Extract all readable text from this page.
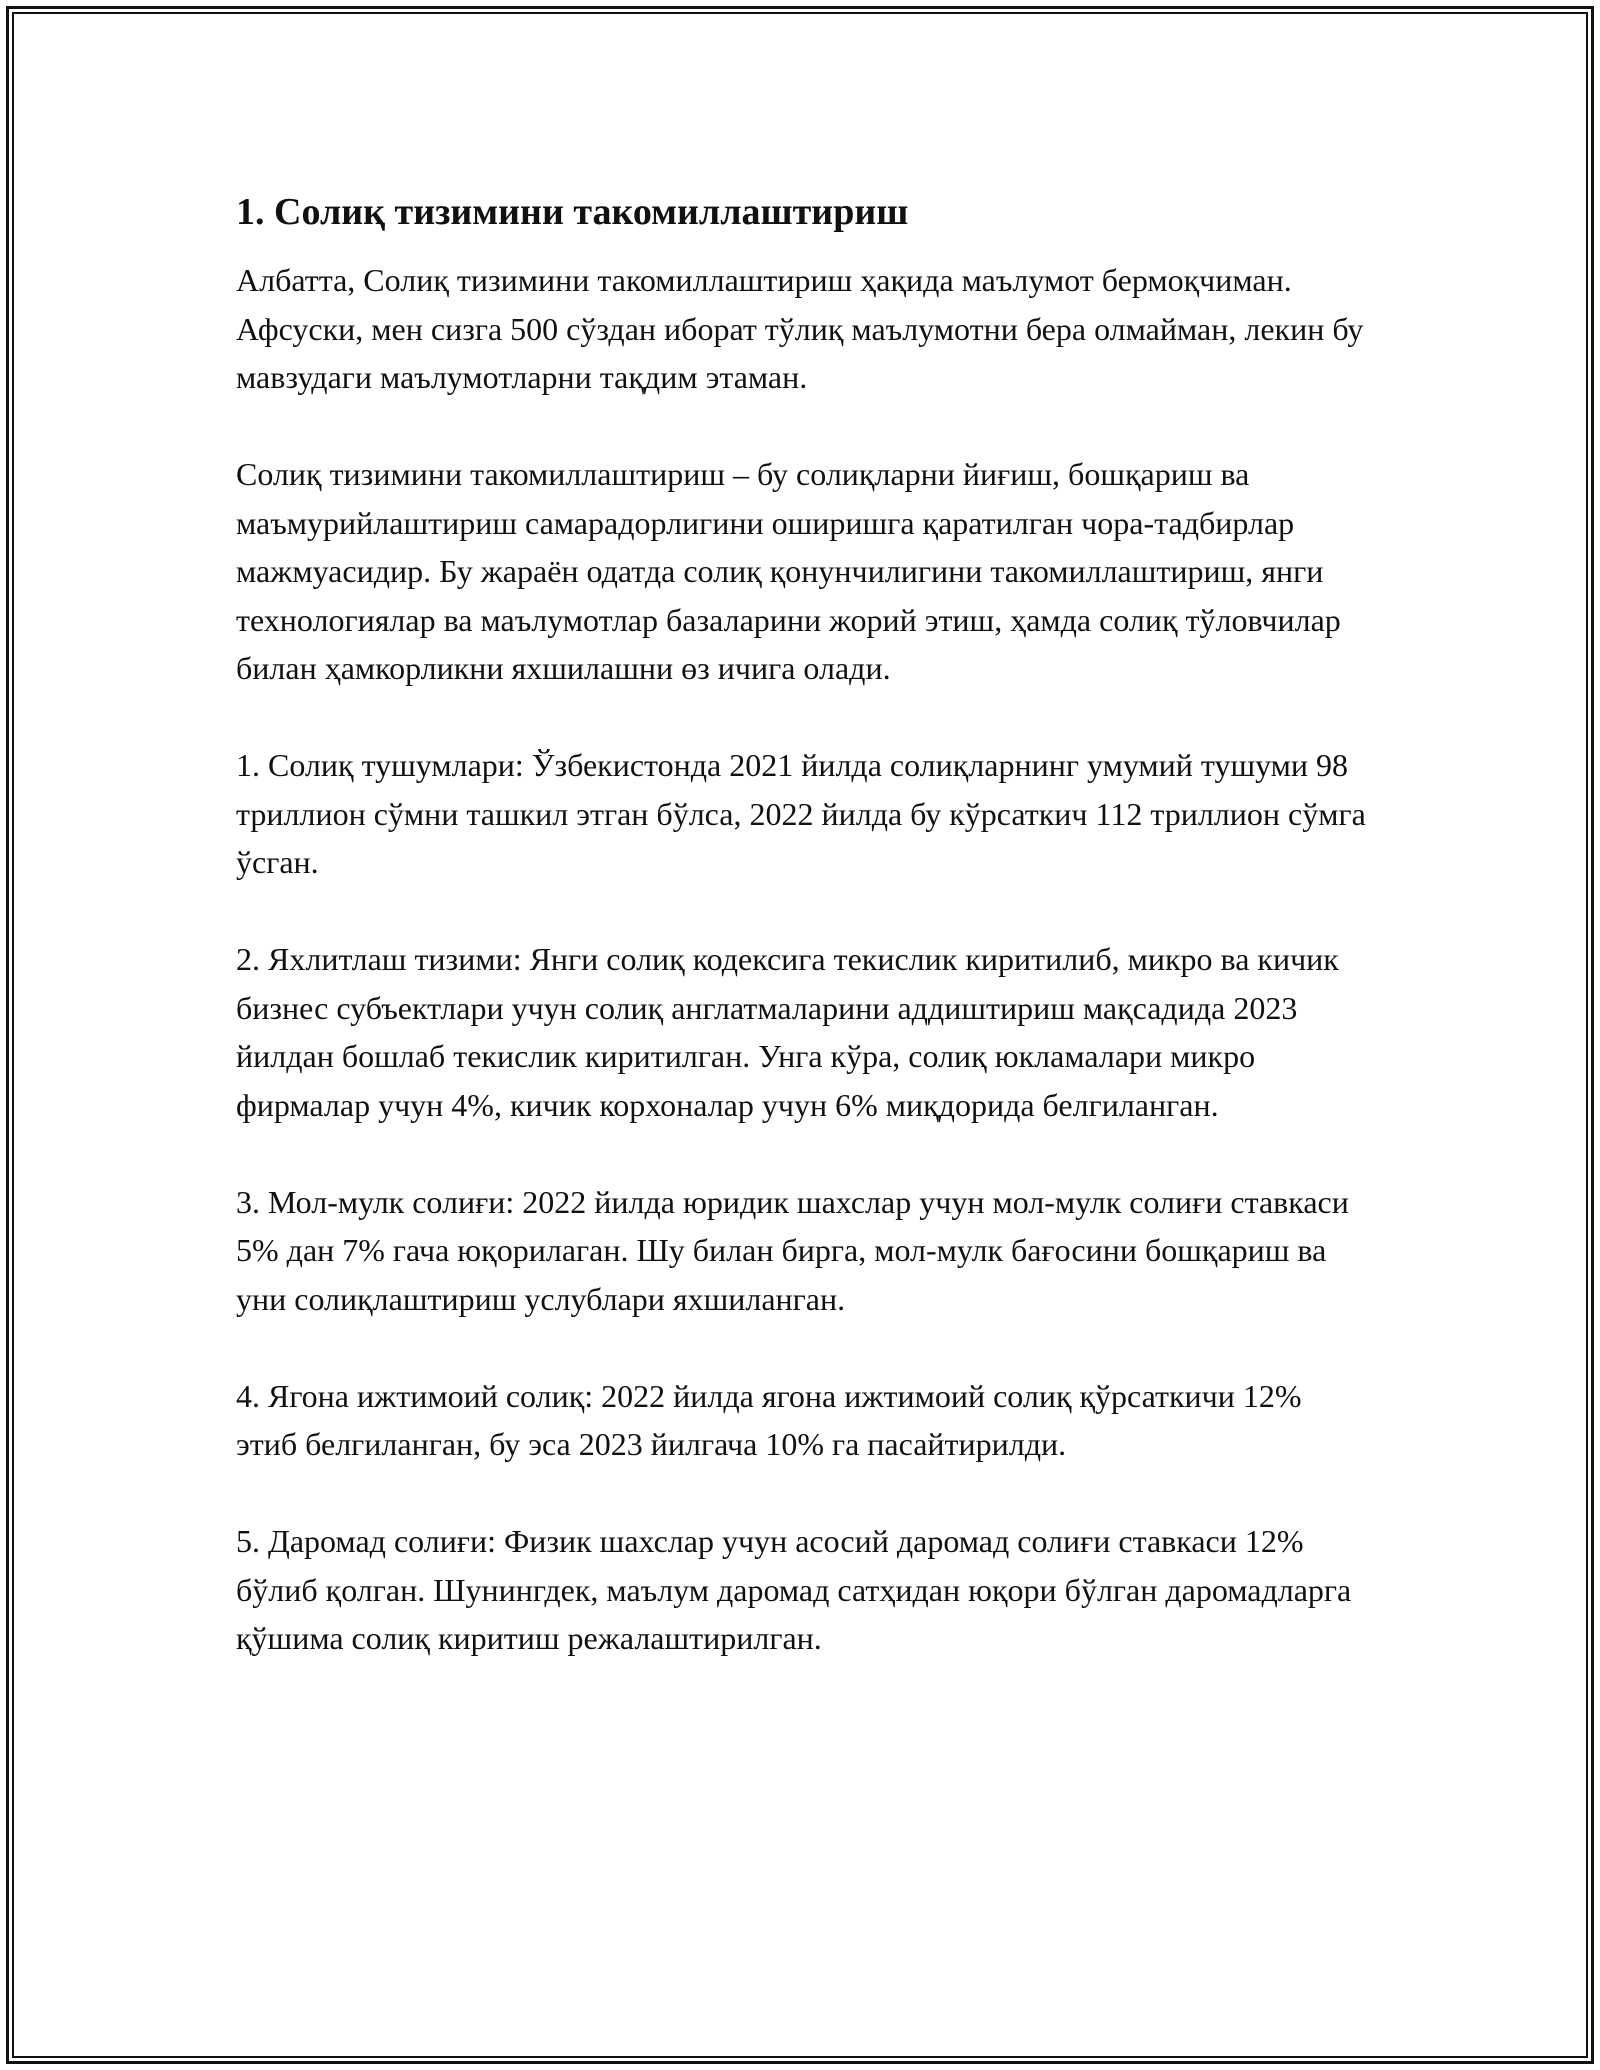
1. Солиқ тизимини такомиллаштириш

Албатта, Солиқ тизимини такомиллаштириш ҳақида маълумот бермоқчиман. Афсуски, мен сизга 500 сўздан иборат тўлиқ маълумотни бера олмайман, лекин бу мавзудаги маълумотларни тақдим этаман.

Солиқ тизимини такомиллаштириш – бу солиқларни йиғиш, бошқариш ва маъмурийлаштириш самарадорлигини оширишга қаратилган чора-тадбирлар мажмуасидир. Бу жараён одатда солиқ қонунчилигини такомиллаштириш, янги технологиялар ва маълумотлар базаларини жорий этиш, ҳамда солиқ тўловчилар билан ҳамкорликни яхшилашни өз ичига олади.

1. Солиқ тушумлари: Ўзбекистонда 2021 йилда солиқларнинг умумий тушуми 98 триллион сўмни ташкил этган бўлса, 2022 йилда бу кўрсаткич 112 триллион сўмга ўсган.

2. Яхлитлаш тизими: Янги солиқ кодексига текислик киритилиб, микро ва кичик бизнес субъектлари учун солиқ англатмаларини аддиштириш мақсадида 2023 йилдан бошлаб текислик киритилган. Унга кўра, солиқ юкламалари микро фирмалар учун 4%, кичик корхоналар учун 6% миқдорида белгиланган.

3. Мол-мулк солиғи: 2022 йилда юридик шахслар учун мол-мулк солиғи ставкаси 5% дан 7% гача юқорилаган. Шу билан бирга, мол-мулк бағосини бошқариш ва уни солиқлаштириш услублари яхшиланган.

4. Ягона ижтимоий солиқ: 2022 йилда ягона ижтимоий солиқ қўрсаткичи 12% этиб белгиланган, бу эса 2023 йилгача 10% га пасайтирилди.

5. Даромад солиғи: Физик шахслар учун асосий даромад солиғи ставкаси 12% бўлиб қолган. Шунингдек, маълум даромад сатҳидан юқори бўлган даромадларга қўшима солиқ киритиш режалаштирилган.
